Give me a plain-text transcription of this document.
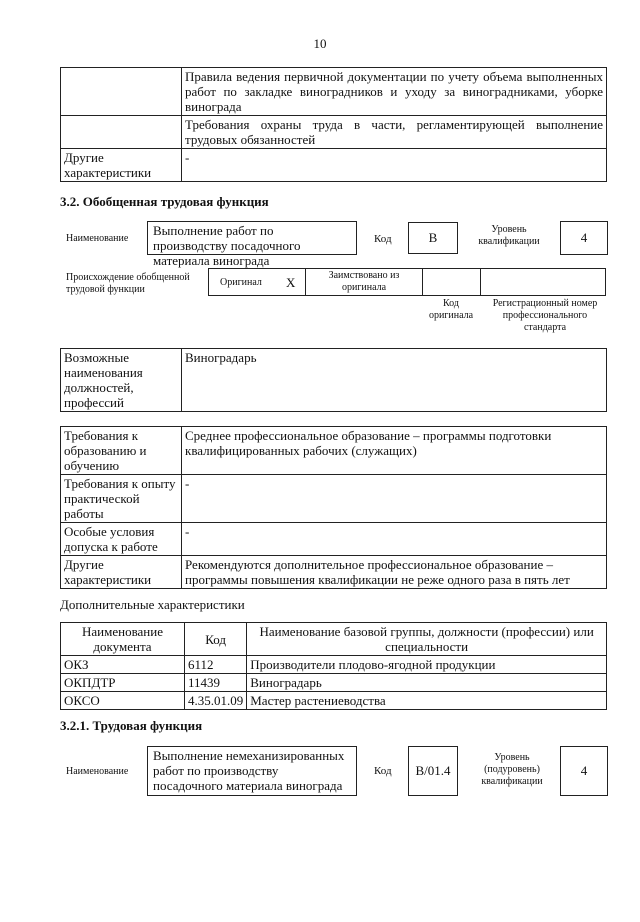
10
	Правила ведения первичной документации по учету объема выполненных работ по закладке виноградников и уходу за виноградниками, уборке винограда
	Требования охраны труда в части, регламентирующей выполнение трудовых обязанностей
Другие характеристики	-
3.2. Обобщенная трудовая функция
Наименование
Выполнение работ по производству посадочного материала винограда
Код	B
Уровень квалификации	4
Происхождение обобщенной трудовой функции
Оригинал X	Заимствовано из оригинала
Код оригинала
Регистрационный номер профессионального стандарта
Возможные наименования должностей, профессий	Виноградарь
Требования к образованию и обучению	Среднее профессиональное образование – программы подготовки квалифицированных рабочих (служащих)
Требования к опыту практической работы	-
Особые условия допуска к работе	-
Другие характеристики	Рекомендуются дополнительное профессиональное образование – программы повышения квалификации не реже одного раза в пять лет
Дополнительные характеристики
Наименование документа	Код	Наименование базовой группы, должности (профессии) или специальности
ОКЗ	6112	Производители плодово-ягодной продукции
ОКПДТР	11439	Виноградарь
ОКСО	4.35.01.09	Мастер растениеводства
3.2.1. Трудовая функция
Наименование
Выполнение немеханизированных работ по производству посадочного материала винограда
Код	B/01.4
Уровень (подуровень) квалификации
4
